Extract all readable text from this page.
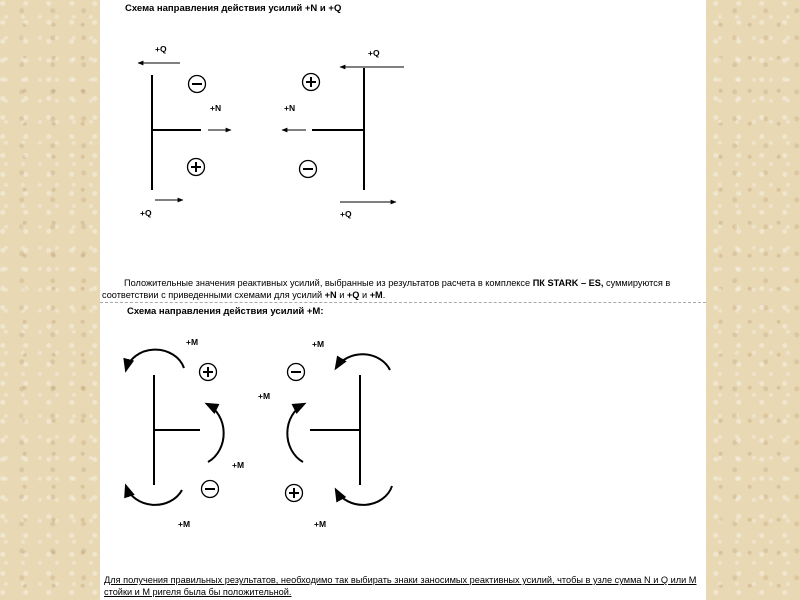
Схема направления действия усилий +N и +Q
+Q
+N
+Q
+Q
+N
+Q
Положительные значения реактивных усилий, выбранные из результатов расчета в комплексе ПК STARK – ES, суммируются в соответствии с приведенными схемами для усилий +N и +Q и +M.
Схема направления действия усилий +M:
+M
+M
+M
+M
+M
+M
Для получения правильных результатов, необходимо так выбирать знаки заносимых реактивных усилий, чтобы в узле сумма N и Q или M стойки и M ригеля была бы положительной.
